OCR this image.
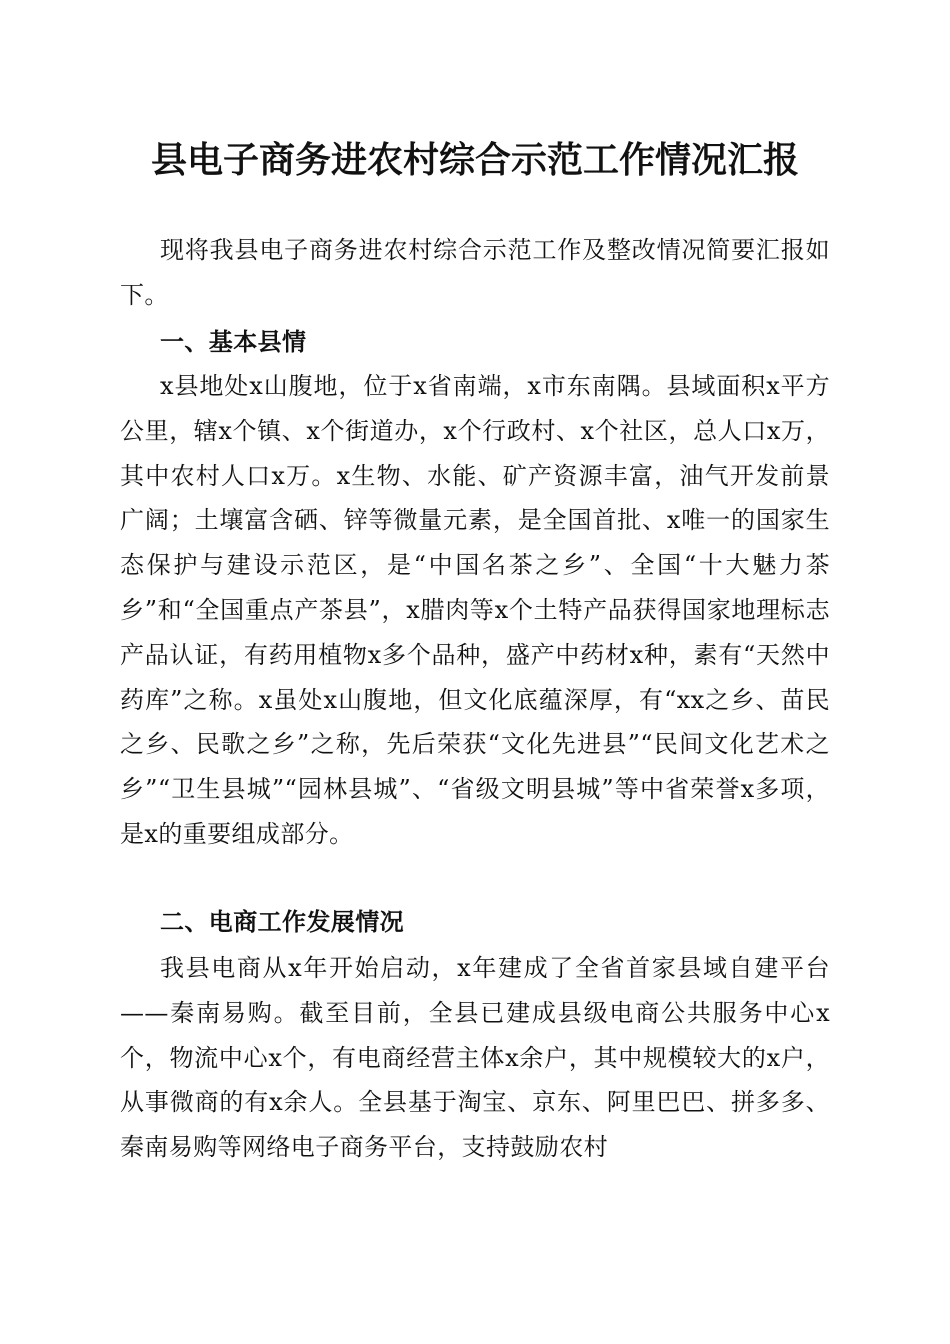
县电子商务进农村综合示范工作情况汇报

现将我县电子商务进农村综合示范工作及整改情况简要汇报如下。

一、基本县情

x县地处x山腹地，位于x省南端，x市东南隅。县域面积x平方公里，辖x个镇、x个街道办，x个行政村、x个社区，总人口x万，其中农村人口x万。x生物、水能、矿产资源丰富，油气开发前景广阔；土壤富含硒、锌等微量元素，是全国首批、x唯一的国家生态保护与建设示范区，是“中国名茶之乡”、全国“十大魅力茶乡”和“全国重点产茶县”，x腊肉等x个土特产品获得国家地理标志产品认证，有药用植物x多个品种，盛产中药材x种，素有“天然中药库”之称。x虽处x山腹地，但文化底蕴深厚，有“xx之乡、苗民之乡、民歌之乡”之称，先后荣获“文化先进县”“民间文化艺术之乡”“卫生县城”“园林县城”、“省级文明县城”等中省荣誉x多项，是x的重要组成部分。

二、电商工作发展情况

我县电商从x年开始启动，x年建成了全省首家县域自建平台——秦南易购。截至目前，全县已建成县级电商公共服务中心x个，物流中心x个，有电商经营主体x余户，其中规模较大的x户，从事微商的有x余人。全县基于淘宝、京东、阿里巴巴、拼多多、秦南易购等网络电子商务平台，支持鼓励农村
